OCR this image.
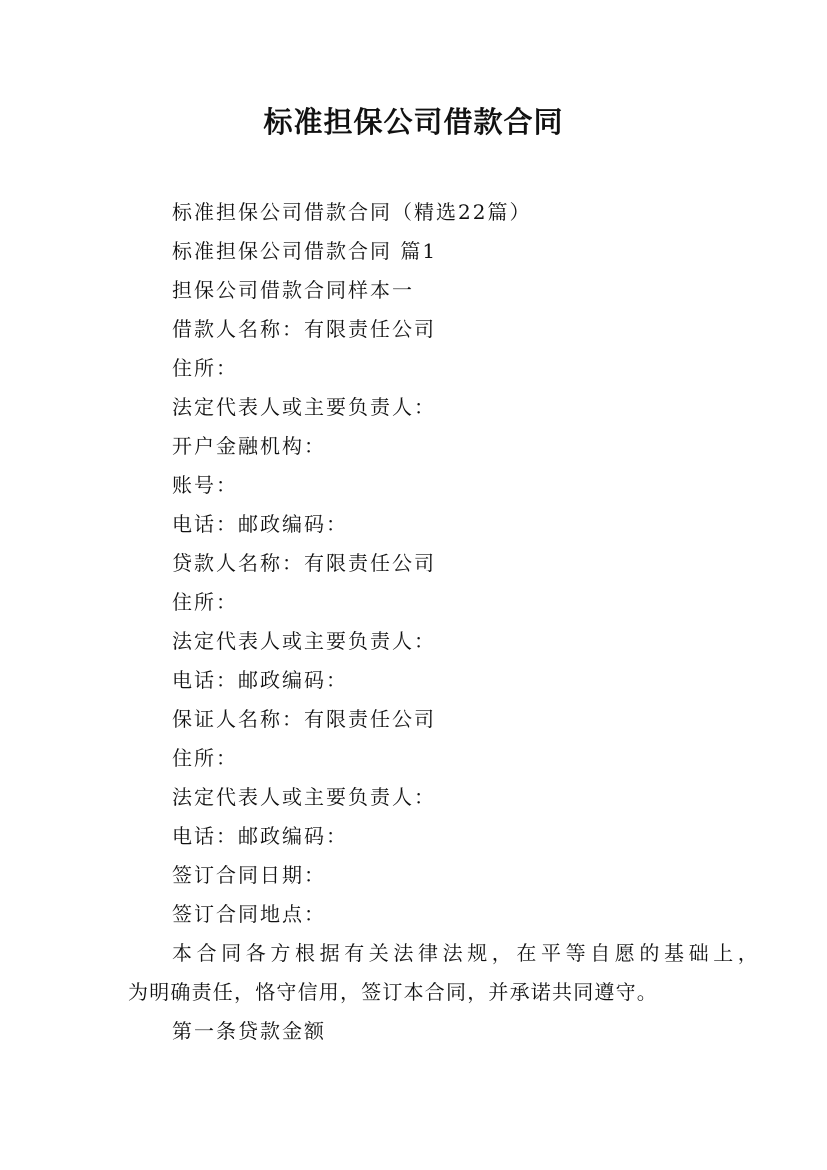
标准担保公司借款合同

标准担保公司借款合同（精选22篇）

标准担保公司借款合同 篇1

担保公司借款合同样本一

借款人名称：有限责任公司

住所：

法定代表人或主要负责人：

开户金融机构：

账号：

电话：邮政编码：

贷款人名称：有限责任公司

住所：

法定代表人或主要负责人：

电话：邮政编码：

保证人名称：有限责任公司

住所：

法定代表人或主要负责人：

电话：邮政编码：

签订合同日期：

签订合同地点：

本合同各方根据有关法律法规，在平等自愿的基础上，

为明确责任，恪守信用，签订本合同，并承诺共同遵守。

第一条贷款金额
